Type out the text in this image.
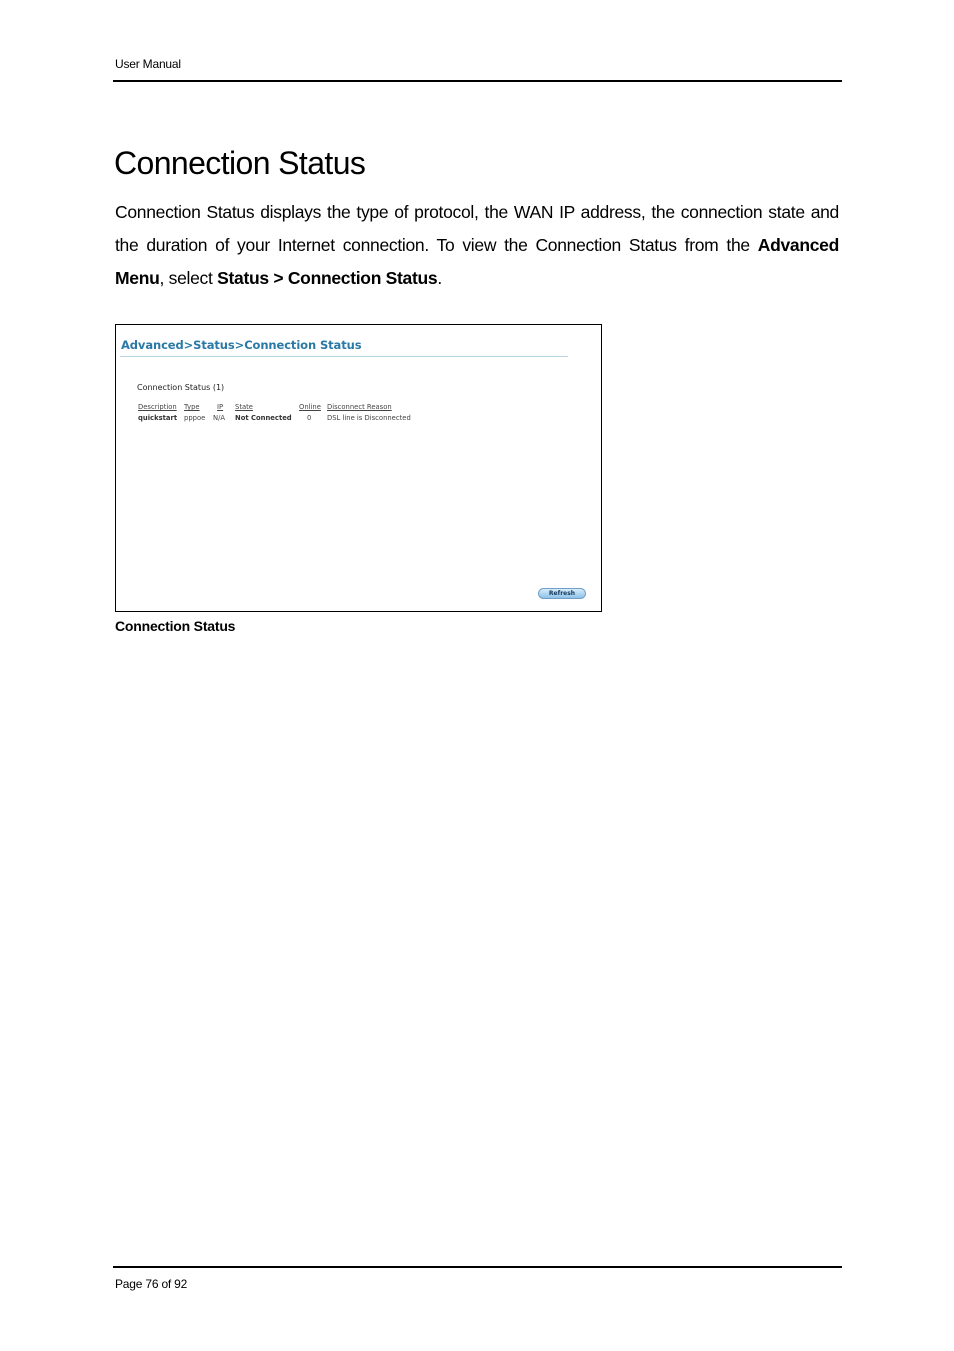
User Manual
Connection Status

Connection Status displays the type of protocol, the WAN IP address, the connection state and the duration of your Internet connection. To view the Connection Status from the Advanced Menu, select Status > Connection Status.

Advanced>Status>Connection Status
Connection Status (1)
Description Type	IP State	Online Disconnect Reason
quickstart pppoe N/A Not Connected 0 DSL line is Disconnected
Refresh
Connection Status
Page 76 of 92
